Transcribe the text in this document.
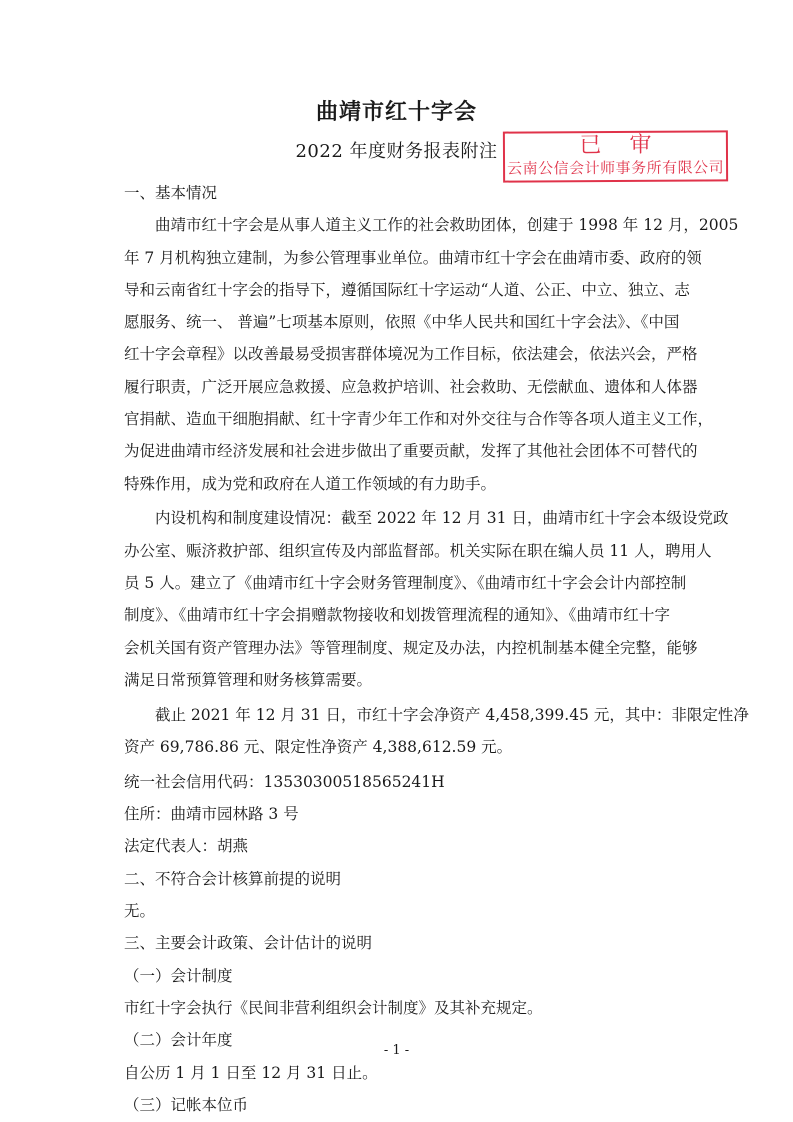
曲靖市红十字会
2022 年度财务报表附注	已审
云南公信会计师事务所有限公司
一、基本情况
曲靖市红十字会是从事人道主义工作的社会救助团体，创建于 1998 年 12 月，2005
年 7 月机构独立建制，为参公管理事业单位。曲靖市红十字会在曲靖市委、政府的领
导和云南省红十字会的指导下，遵循国际红十字运动“人道、公正、中立、独立、志
愿服务、统一、 普遍”七项基本原则，依照《中华人民共和国红十字会法》、《中国
红十字会章程》以改善最易受损害群体境况为工作目标，依法建会，依法兴会，严格
履行职责，广泛开展应急救援、应急救护培训、社会救助、无偿献血、遗体和人体器
官捐献、造血干细胞捐献、红十字青少年工作和对外交往与合作等各项人道主义工作，
为促进曲靖市经济发展和社会进步做出了重要贡献，发挥了其他社会团体不可替代的
特殊作用，成为党和政府在人道工作领域的有力助手。
内设机构和制度建设情况：截至 2022 年 12 月 31 日，曲靖市红十字会本级设党政
办公室、赈济救护部、组织宣传及内部监督部。机关实际在职在编人员 11 人，聘用人
员 5 人。建立了《曲靖市红十字会财务管理制度》、《曲靖市红十字会会计内部控制
制度》、《曲靖市红十字会捐赠款物接收和划拨管理流程的通知》、《曲靖市红十字
会机关国有资产管理办法》等管理制度、规定及办法，内控机制基本健全完整，能够
满足日常预算管理和财务核算需要。
截止 2021 年 12 月 31 日，市红十字会净资产 4,458,399.45 元，其中：非限定性净
资产 69,786.86 元、限定性净资产 4,388,612.59 元。
统一社会信用代码：13530300518565241H
住所：曲靖市园林路 3 号
法定代表人：胡燕
二、不符合会计核算前提的说明
无。
三、主要会计政策、会计估计的说明
（一）会计制度
市红十字会执行《民间非营利组织会计制度》及其补充规定。
（二）会计年度
自公历 1 月 1 日至 12 月 31 日止。
（三）记帐本位币
- 1 -
